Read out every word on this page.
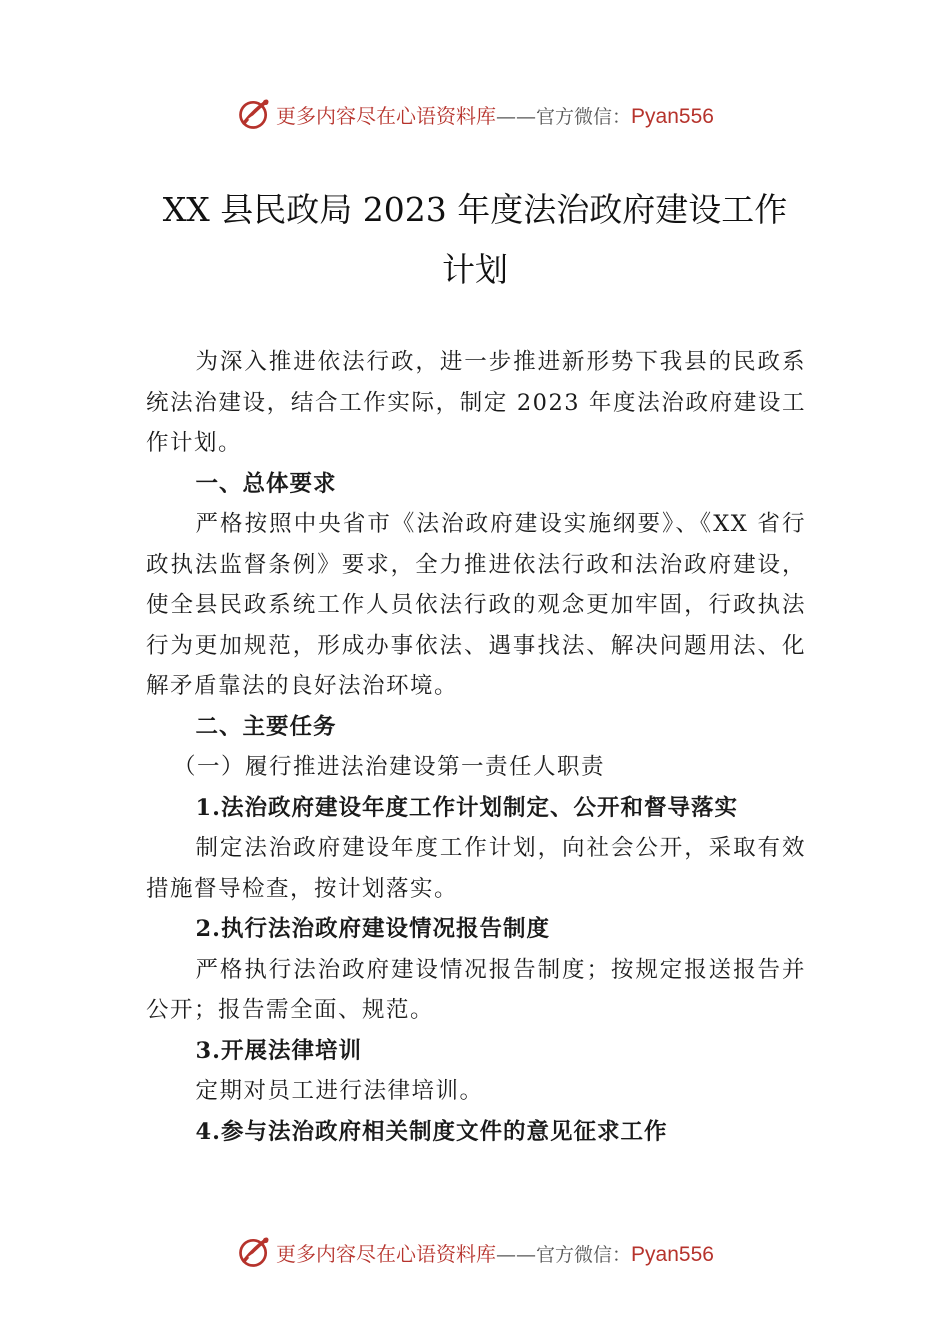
更多内容尽在心语资料库——官方微信：Pyan556
XX 县民政局 2023 年度法治政府建设工作
计划

为深入推进依法行政，进一步推进新形势下我县的民政系统法治建设，结合工作实际，制定 2023 年度法治政府建设工作计划。

一、总体要求

严格按照中央省市《法治政府建设实施纲要》、《XX 省行政执法监督条例》要求，全力推进依法行政和法治政府建设，使全县民政系统工作人员依法行政的观念更加牢固，行政执法行为更加规范，形成办事依法、遇事找法、解决问题用法、化解矛盾靠法的良好法治环境。

二、主要任务

（一）履行推进法治建设第一责任人职责

1.法治政府建设年度工作计划制定、公开和督导落实

制定法治政府建设年度工作计划，向社会公开，采取有效措施督导检查，按计划落实。

2.执行法治政府建设情况报告制度

严格执行法治政府建设情况报告制度；按规定报送报告并公开；报告需全面、规范。

3.开展法律培训

定期对员工进行法律培训。

4.参与法治政府相关制度文件的意见征求工作

更多内容尽在心语资料库——官方微信：Pyan556
